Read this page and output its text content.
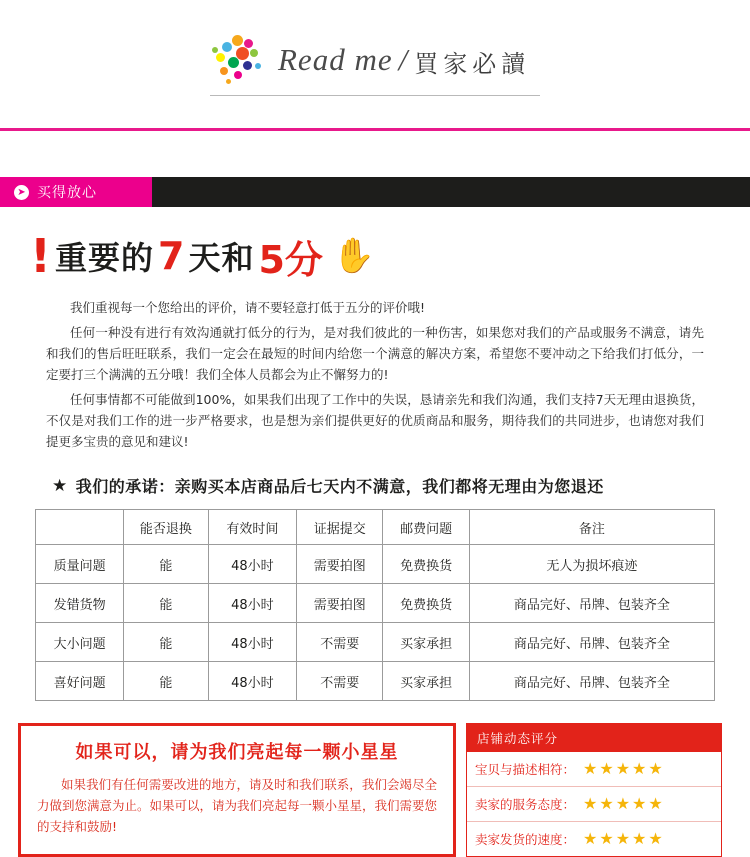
Read me / 買家必讀
➤ 买得放心
! 重要的 7 天和 5分 ✋

我们重视每一个您给出的评价，请不要轻意打低于五分的评价哦!

任何一种没有进行有效沟通就打低分的行为，是对我们彼此的一种伤害，如果您对我们的产品或服务不满意，请先和我们的售后旺旺联系，我们一定会在最短的时间内给您一个满意的解决方案，希望您不要冲动之下给我们打低分，一定要打三个满满的五分哦！我们全体人员都会为止不懈努力的!

任何事情都不可能做到100%，如果我们出现了工作中的失误，恳请亲先和我们沟通，我们支持7天无理由退换货，不仅是对我们工作的进一步严格要求，也是想为亲们提供更好的优质商品和服务，期待我们的共同进步，也请您对我们提更多宝贵的意见和建议!

★ 我们的承诺：亲购买本店商品后七天内不满意，我们都将无理由为您退还
	能否退换	有效时间	证据提交	邮费问题	备注
质量问题	能	48小时	需要拍图	免费换货	无人为损坏痕迹
发错货物	能	48小时	需要拍图	免费换货	商品完好、吊牌、包装齐全
大小问题	能	48小时	不需要	买家承担	商品完好、吊牌、包装齐全
喜好问题	能	48小时	不需要	买家承担	商品完好、吊牌、包装齐全
如果可以，请为我们亮起每一颗小星星
如果我们有任何需要改进的地方，请及时和我们联系，我们会竭尽全力做到您满意为止。如果可以，请为我们亮起每一颗小星星，我们需要您的支持和鼓励!
店铺动态评分
宝贝与描述相符： ★★★★★
卖家的服务态度： ★★★★★
卖家发货的速度： ★★★★★
